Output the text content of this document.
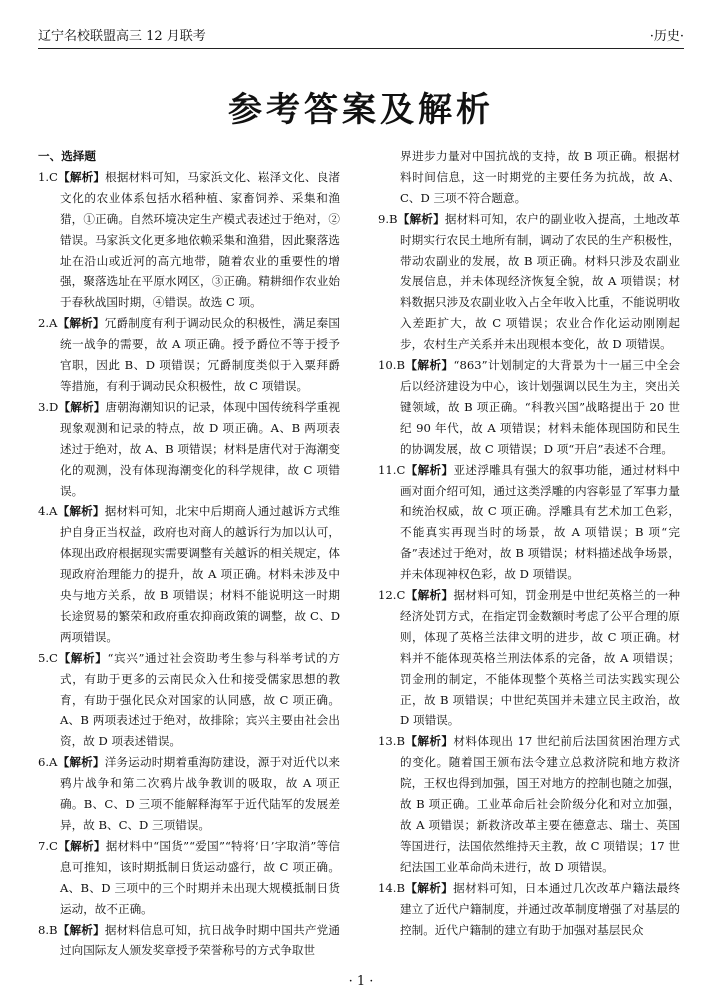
辽宁名校联盟高三 12 月联考	·历史·
参考答案及解析

一、选择题

1.C【解析】根据材料可知，马家浜文化、崧泽文化、良渚文化的农业体系包括水稻种植、家畜饲养、采集和渔猎，①正确。自然环境决定生产模式表述过于绝对，②错误。马家浜文化更多地依赖采集和渔猎，因此聚落选址在沿山或近河的高亢地带，随着农业的重要性的增强，聚落选址在平原水网区，③正确。精耕细作农业始于春秋战国时期，④错误。故选 C 项。

2.A【解析】冗爵制度有利于调动民众的积极性，满足秦国统一战争的需要，故 A 项正确。授予爵位不等于授予官职，因此 B、D 项错误；冗爵制度类似于入粟拜爵等措施，有利于调动民众积极性，故 C 项错误。

3.D【解析】唐朝海潮知识的记录，体现中国传统科学重视现象观测和记录的特点，故 D 项正确。A、B 两项表述过于绝对，故 A、B 项错误；材料是唐代对于海潮变化的观测，没有体现海潮变化的科学规律，故 C 项错误。

4.A【解析】据材料可知，北宋中后期商人通过越诉方式维护自身正当权益，政府也对商人的越诉行为加以认可，体现出政府根据现实需要调整有关越诉的相关规定，体现政府治理能力的提升，故 A 项正确。材料未涉及中央与地方关系，故 B 项错误；材料不能说明这一时期长途贸易的繁荣和政府重农抑商政策的调整，故 C、D 两项错误。

5.C【解析】“宾兴”通过社会资助考生参与科举考试的方式，有助于更多的云南民众入仕和接受儒家思想的教育，有助于强化民众对国家的认同感，故 C 项正确。A、B 两项表述过于绝对，故排除；宾兴主要由社会出资，故 D 项表述错误。

6.A【解析】洋务运动时期着重海防建设，源于对近代以来鸦片战争和第二次鸦片战争教训的吸取，故 A 项正确。B、C、D 三项不能解释海军于近代陆军的发展差异，故 B、C、D 三项错误。

7.C【解析】据材料中“国货”“爱国”“特将‘日’字取消”等信息可推知，该时期抵制日货运动盛行，故 C 项正确。A、B、D 三项中的三个时期并未出现大规模抵制日货运动，故不正确。

8.B【解析】据材料信息可知，抗日战争时期中国共产党通过向国际友人颁发奖章授予荣誉称号的方式争取世

界进步力量对中国抗战的支持，故 B 项正确。根据材料时间信息，这一时期党的主要任务为抗战，故 A、C、D 三项不符合题意。

9.B【解析】据材料可知，农户的副业收入提高，土地改革时期实行农民土地所有制，调动了农民的生产积极性，带动农副业的发展，故 B 项正确。材料只涉及农副业发展信息，并未体现经济恢复全貌，故 A 项错误；材料数据只涉及农副业收入占全年收入比重，不能说明收入差距扩大，故 C 项错误；农业合作化运动刚刚起步，农村生产关系并未出现根本变化，故 D 项错误。

10.B【解析】“863”计划制定的大背景为十一届三中全会后以经济建设为中心，该计划强调以民生为主，突出关键领域，故 B 项正确。“科教兴国”战略提出于 20 世纪 90 年代，故 A 项错误；材料未能体现国防和民生的协调发展，故 C 项错误；D 项“开启”表述不合理。

11.C【解析】亚述浮雕具有强大的叙事功能，通过材料中画对面介绍可知，通过这类浮雕的内容彰显了军事力量和统治权威，故 C 项正确。浮雕具有艺术加工色彩，不能真实再现当时的场景，故 A 项错误；B 项“完备”表述过于绝对，故 B 项错误；材料描述战争场景，并未体现神权色彩，故 D 项错误。

12.C【解析】据材料可知，罚金刑是中世纪英格兰的一种经济处罚方式，在指定罚金数额时考虑了公平合理的原则，体现了英格兰法律文明的进步，故 C 项正确。材料并不能体现英格兰刑法体系的完备，故 A 项错误；罚金刑的制定，不能体现整个英格兰司法实践实现公正，故 B 项错误；中世纪英国并未建立民主政治，故 D 项错误。

13.B【解析】材料体现出 17 世纪前后法国贫困治理方式的变化。随着国王颁布法令建立总救济院和地方救济院，王权也得到加强，国王对地方的控制也随之加强，故 B 项正确。工业革命后社会阶级分化和对立加强，故 A 项错误；新救济改革主要在德意志、瑞士、英国等国进行，法国依然维持天主教，故 C 项错误；17 世纪法国工业革命尚未进行，故 D 项错误。

14.B【解析】据材料可知，日本通过几次改革户籍法最终建立了近代户籍制度，并通过改革制度增强了对基层的控制。近代户籍制的建立有助于加强对基层民众

· 1 ·
